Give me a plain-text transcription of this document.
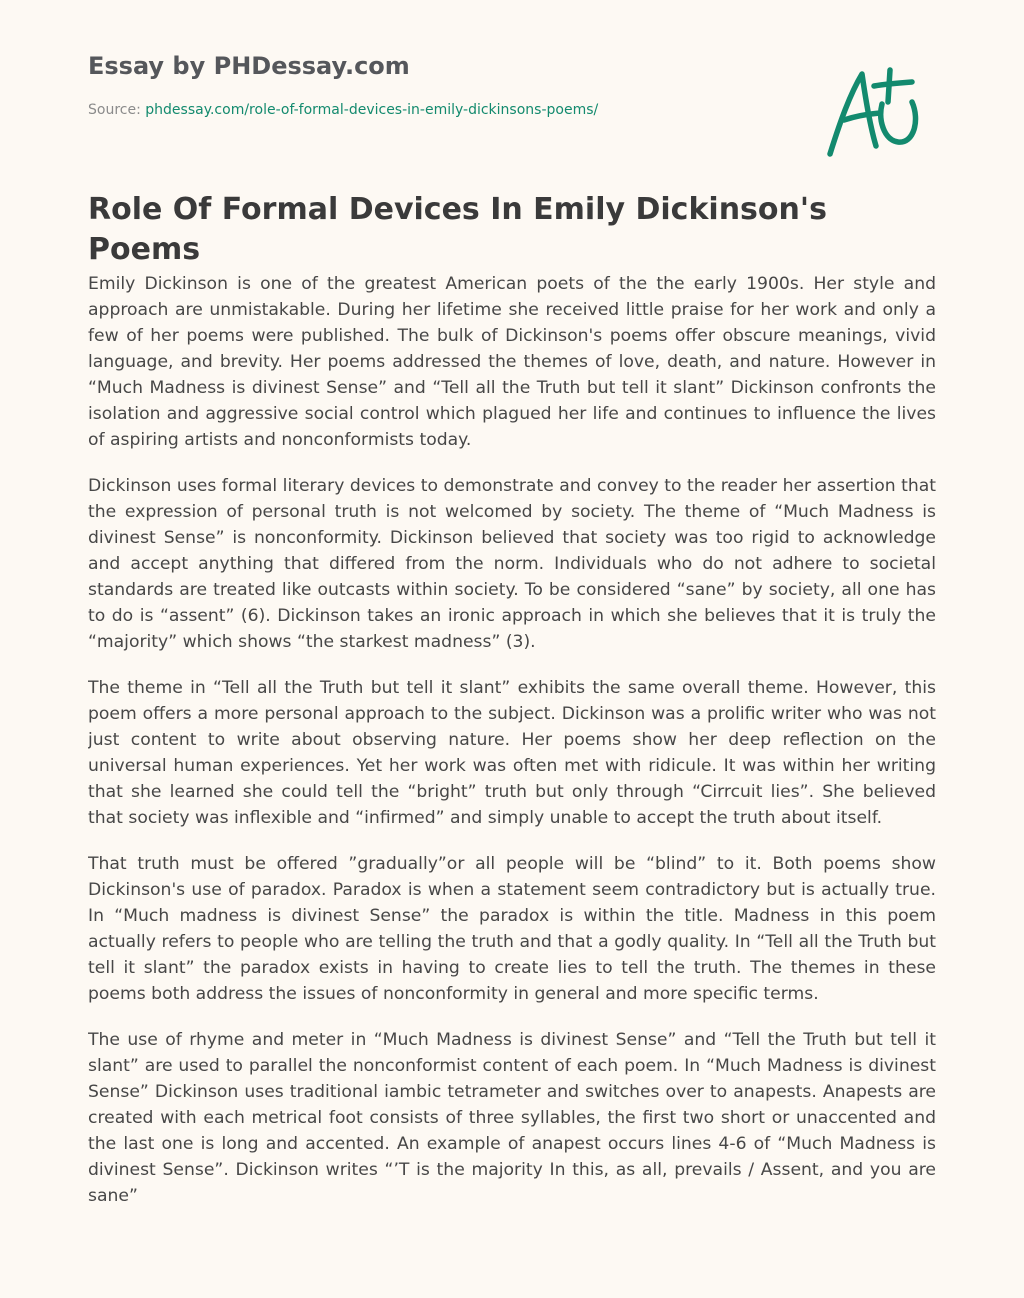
Essay by PHDessay.com
Source: phdessay.com/role-of-formal-devices-in-emily-dickinsons-poems/
Role Of Formal Devices In Emily Dickinson's Poems

Emily Dickinson is one of the greatest American poets of the the early 1900s. Her style and approach are unmistakable. During her lifetime she received little praise for her work and only a few of her poems were published. The bulk of Dickinson's poems offer obscure meanings, vivid language, and brevity. Her poems addressed the themes of love, death, and nature. However in “Much Madness is divinest Sense” and “Tell all the Truth but tell it slant” Dickinson confronts the isolation and aggressive social control which plagued her life and continues to influence the lives of aspiring artists and nonconformists today.

Dickinson uses formal literary devices to demonstrate and convey to the reader her assertion that the expression of personal truth is not welcomed by society. The theme of “Much Madness is divinest Sense” is nonconformity. Dickinson believed that society was too rigid to acknowledge and accept anything that differed from the norm. Individuals who do not adhere to societal standards are treated like outcasts within society. To be considered “sane” by society, all one has to do is “assent” (6). Dickinson takes an ironic approach in which she believes that it is truly the “majority” which shows “the starkest madness” (3).

The theme in “Tell all the Truth but tell it slant” exhibits the same overall theme. However, this poem offers a more personal approach to the subject. Dickinson was a prolific writer who was not just content to write about observing nature. Her poems show her deep reflection on the universal human experiences. Yet her work was often met with ridicule. It was within her writing that she learned she could tell the “bright” truth but only through “Cirrcuit lies”. She believed that society was inflexible and “infirmed” and simply unable to accept the truth about itself.

That truth must be offered ”gradually”or all people will be “blind” to it. Both poems show Dickinson's use of paradox. Paradox is when a statement seem contradictory but is actually true. In “Much madness is divinest Sense” the paradox is within the title. Madness in this poem actually refers to people who are telling the truth and that a godly quality. In “Tell all the Truth but tell it slant” the paradox exists in having to create lies to tell the truth. The themes in these poems both address the issues of nonconformity in general and more specific terms.

The use of rhyme and meter in “Much Madness is divinest Sense” and “Tell the Truth but tell it slant” are used to parallel the nonconformist content of each poem. In “Much Madness is divinest Sense” Dickinson uses traditional iambic tetrameter and switches over to anapests. Anapests are created with each metrical foot consists of three syllables, the first two short or unaccented and the last one is long and accented. An example of anapest occurs lines 4-6 of “Much Madness is divinest Sense”. Dickinson writes “’T is the majority In this, as all, prevails / Assent, and you are sane”
